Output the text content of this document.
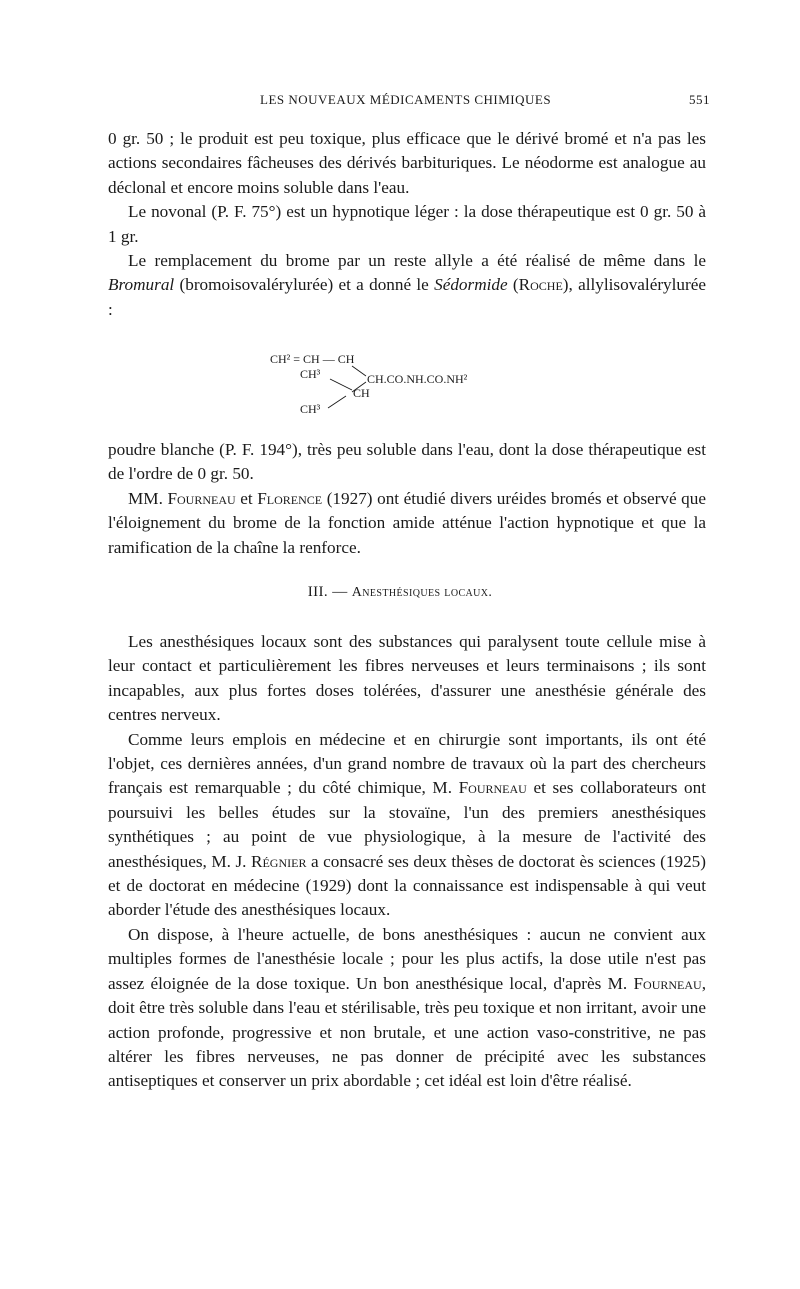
LES NOUVEAUX MÉDICAMENTS CHIMIQUES	551

0 gr. 50 ; le produit est peu toxique, plus efficace que le dérivé bromé et n'a pas les actions secondaires fâcheuses des dérivés barbituriques. Le néodorme est analogue au déclonal et encore moins soluble dans l'eau.

Le novonal (P. F. 75°) est un hypnotique léger : la dose thérapeutique est 0 gr. 50 à 1 gr.

Le remplacement du brome par un reste allyle a été réalisé de même dans le Bromural (bromoisovalérylurée) et a donné le Sédormide (Roche), allylisovalérylurée :

CH² = CH — CH
CH³	CH.CO.NH.CO.NH²
CH
CH³

poudre blanche (P. F. 194°), très peu soluble dans l'eau, dont la dose thérapeutique est de l'ordre de 0 gr. 50.

MM. Fourneau et Florence (1927) ont étudié divers uréides bromés et observé que l'éloignement du brome de la fonction amide atténue l'action hypnotique et que la ramification de la chaîne la renforce.

III. — Anesthésiques locaux.

Les anesthésiques locaux sont des substances qui paralysent toute cellule mise à leur contact et particulièrement les fibres nerveuses et leurs terminaisons ; ils sont incapables, aux plus fortes doses tolérées, d'assurer une anesthésie générale des centres nerveux.

Comme leurs emplois en médecine et en chirurgie sont importants, ils ont été l'objet, ces dernières années, d'un grand nombre de travaux où la part des chercheurs français est remarquable ; du côté chimique, M. Fourneau et ses collaborateurs ont poursuivi les belles études sur la stovaïne, l'un des premiers anesthésiques synthétiques ; au point de vue physiologique, à la mesure de l'activité des anesthésiques, M. J. Régnier a consacré ses deux thèses de doctorat ès sciences (1925) et de doctorat en médecine (1929) dont la connaissance est indispensable à qui veut aborder l'étude des anesthésiques locaux.

On dispose, à l'heure actuelle, de bons anesthésiques : aucun ne convient aux multiples formes de l'anesthésie locale ; pour les plus actifs, la dose utile n'est pas assez éloignée de la dose toxique. Un bon anesthésique local, d'après M. Fourneau, doit être très soluble dans l'eau et stérilisable, très peu toxique et non irritant, avoir une action profonde, progressive et non brutale, et une action vaso-constritive, ne pas altérer les fibres nerveuses, ne pas donner de précipité avec les substances antiseptiques et conserver un prix abordable ; cet idéal est loin d'être réalisé.
